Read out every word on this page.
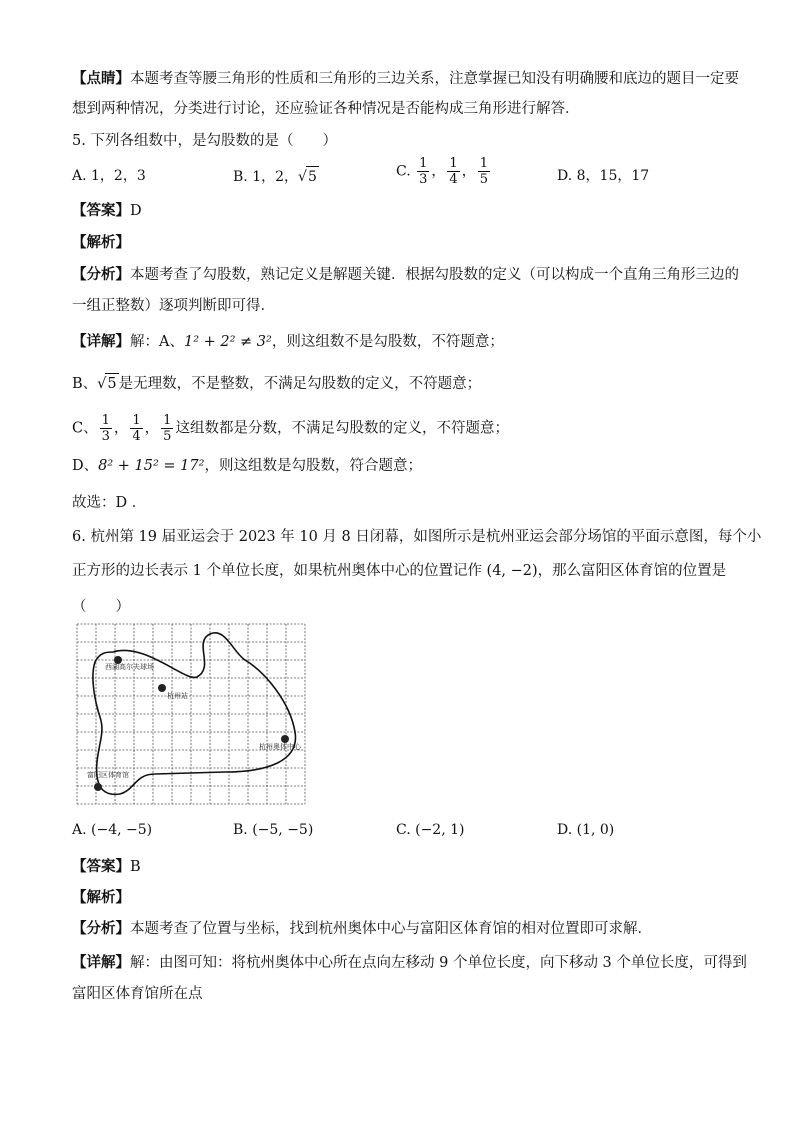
【点睛】本题考查等腰三角形的性质和三角形的三边关系，注意掌握已知没有明确腰和底边的题目一定要
想到两种情况，分类进行讨论，还应验证各种情况是否能构成三角形进行解答．
5. 下列各组数中，是勾股数的是（　　）
A. 1，2，3	B. 1，2，√5	C. $\frac{1}{3}$ ， $\frac{1}{4}$ ， $\frac{1}{5}$	D. 8，15，17
【答案】D
【解析】
【分析】本题考查了勾股数，熟记定义是解题关键．根据勾股数的定义（可以构成一个直角三角形三边的
一组正整数）逐项判断即可得．
【详解】解：A、1² + 2² ≠ 3²，则这组数不是勾股数，不符题意；
B、√5 是无理数，不是整数，不满足勾股数的定义，不符题意；
C、 $\frac{1}{3}$ ， $\frac{1}{4}$ ， $\frac{1}{5}$ 这组数都是分数，不满足勾股数的定义，不符题意；
D、8² + 15² = 17²，则这组数是勾股数，符合题意；
故选：D ．
6. 杭州第 19 届亚运会于 2023 年 10 月 8 日闭幕，如图所示是杭州亚运会部分场馆的平面示意图，每个小
正方形的边长表示 1 个单位长度，如果杭州奥体中心的位置记作 (4, −2)，那么富阳区体育馆的位置是
（　　）
西湖高尔夫球场
杭州站
杭州奥体中心
富阳区体育馆
A. (−4, −5)	B. (−5, −5)	C. (−2, 1)	D. (1, 0)
【答案】B
【解析】
【分析】本题考查了位置与坐标，找到杭州奥体中心与富阳区体育馆的相对位置即可求解．
【详解】解：由图可知：将杭州奥体中心所在点向左移动 9 个单位长度，向下移动 3 个单位长度，可得到
富阳区体育馆所在点
